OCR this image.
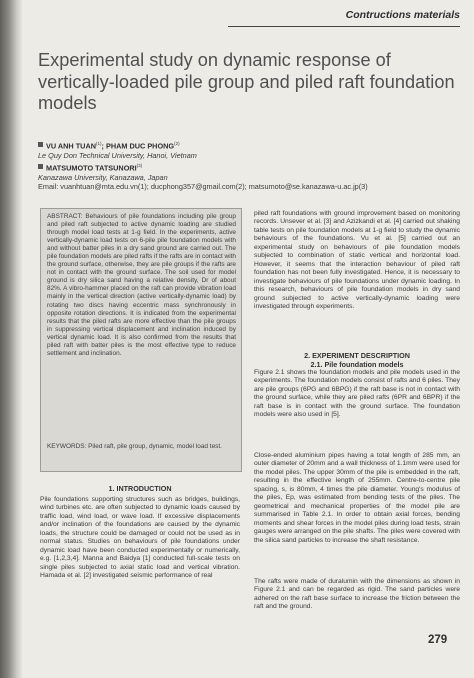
Contructions materials
Experimental study on dynamic response of vertically-loaded pile group and piled raft foundation models
VU ANH TUAN$^{(1)}$; PHAM DUC PHONG$^{(2)}$
Le Quy Don Technical University, Hanoi, Vietnam
MATSUMOTO TATSUNORI$^{(3)}$
Kanazawa University, Kanazawa, Japan
Email: vuanhtuan@mta.edu.vn(1); ducphong357@gmail.com(2); matsumoto@se.kanazawa-u.ac.jp(3)
ABSTRACT: Behaviours of pile foundations including pile group and piled raft subjected to active dynamic loading are studied through model load tests at 1-g field. In the experiments, active vertically-dynamic load tests on 6-pile pile foundation models with and without batter piles in a dry sand ground are carried out. The pile foundation models are piled rafts if the rafts are in contact with the ground surface, otherwise, they are pile groups if the rafts are not in contact with the ground surface. The soil used for model ground is dry silica sand having a relative density, Dr of about 82%. A vibro-hammer placed on the raft can provide vibration load mainly in the vertical direction (active vertically-dynamic load) by rotating two discs having eccentric mass synchronously in opposite rotation directions. It is indicated from the experimental results that the piled rafts are more effective than the pile groups in suppressing vertical displacement and inclination induced by vertical dynamic load. It is also confirmed from the results that piled raft with batter piles is the most effective type to reduce settlement and inclination.
KEYWORDS: Piled raft, pile group, dynamic, model load test.
1. INTRODUCTION
Pile foundations supporting structures such as bridges, buildings, wind turbines etc. are often subjected to dynamic loads caused by traffic load, wind load, or wave load. If excessive displacements and/or inclination of the foundations are caused by the dynamic loads, the structure could be damaged or could not be used as in normal status. Studies on behaviours of pile foundations under dynamic load have been conducted experimentally or numerically, e.g. [1,2,3,4]. Manna and Baidya [1] conducted full-scale tests on single piles subjected to axial static load and vertical vibration. Hamada et al. [2] investigated seismic performance of real
piled raft foundations with ground improvement based on monitoring records. Unsever et al. [3] and Azizkandi et al. [4] carried out shaking table tests on pile foundation models at 1-g field to study the dynamic behaviours of the foundations. Vu et al. [5] carried out an experimental study on behaviours of pile foundation models subjected to combination of static vertical and horizontal load. However, it seems that the interaction behaviour of piled raft foundation has not been fully investigated. Hence, it is necessary to investigate behaviours of pile foundations under dynamic loading. In this research, behaviours of pile foundation models in dry sand ground subjected to active vertically-dynamic loading were investigated through experiments.
2. EXPERIMENT DESCRIPTION
2.1. Pile foundation models
Figure 2.1 shows the foundation models and pile models used in the experiments. The foundation models consist of rafts and 6 piles. They are pile groups (6PG and 6BPG) if the raft base is not in contact with the ground surface, while they are piled rafts (6PR and 6BPR) if the raft base is in contact with the ground surface. The foundation models were also used in [5].
Close-ended aluminium pipes having a total length of 285 mm, an outer diameter of 20mm and a wall thickness of 1.1mm were used for the model piles. The upper 30mm of the pile is embedded in the raft, resulting in the effective length of 255mm. Centre-to-centre pile spacing, s, is 80mm, 4 times the pile diameter. Young's modulus of the piles, Ep, was estimated from bending tests of the piles. The geometrical and mechanical properties of the model pile are summarised in Table 2.1. In order to obtain axial forces, bending moments and shear forces in the model piles during load tests, strain gauges were arranged on the pile shafts. The piles were covered with the silica sand particles to increase the shaft resistance.
The rafts were made of duralumin with the dimensions as shown in Figure 2.1 and can be regarded as rigid. The sand particles were adhered on the raft base surface to increase the friction between the raft and the ground.
279
